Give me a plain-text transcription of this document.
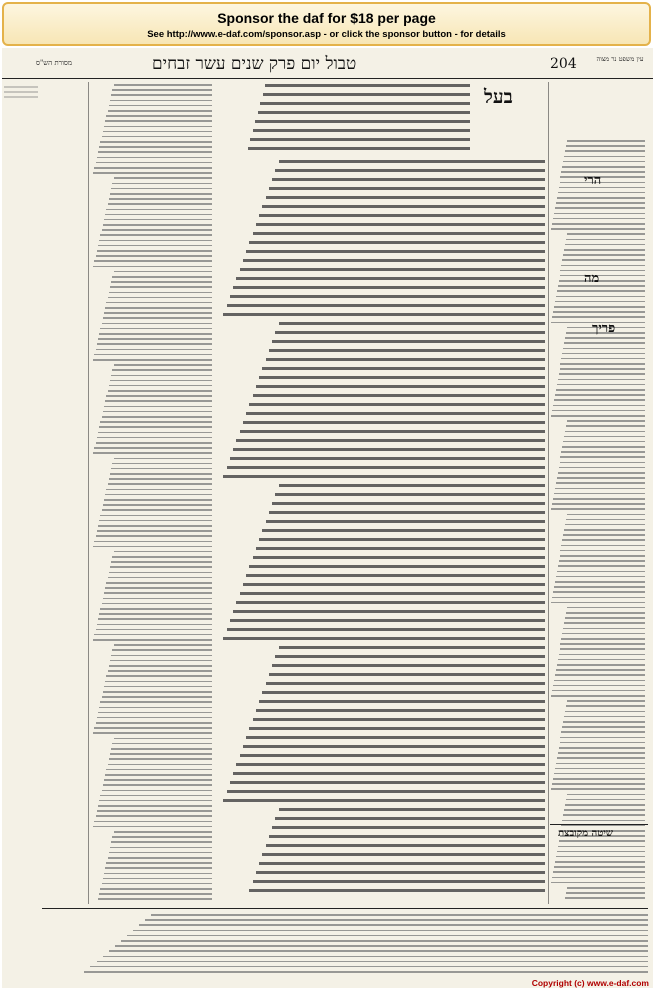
Sponsor the daf for $18 per page
See http://www.e-daf.com/sponsor.asp - or click the sponsor button - for details
טבול יום פרק שנים עשר זבחים	204
מסורת הש"ס	עין משפט נר מצוה
בעל
הרי
מה
פריך
שיטה מקובצת
Copyright (c) www.e-daf.com
